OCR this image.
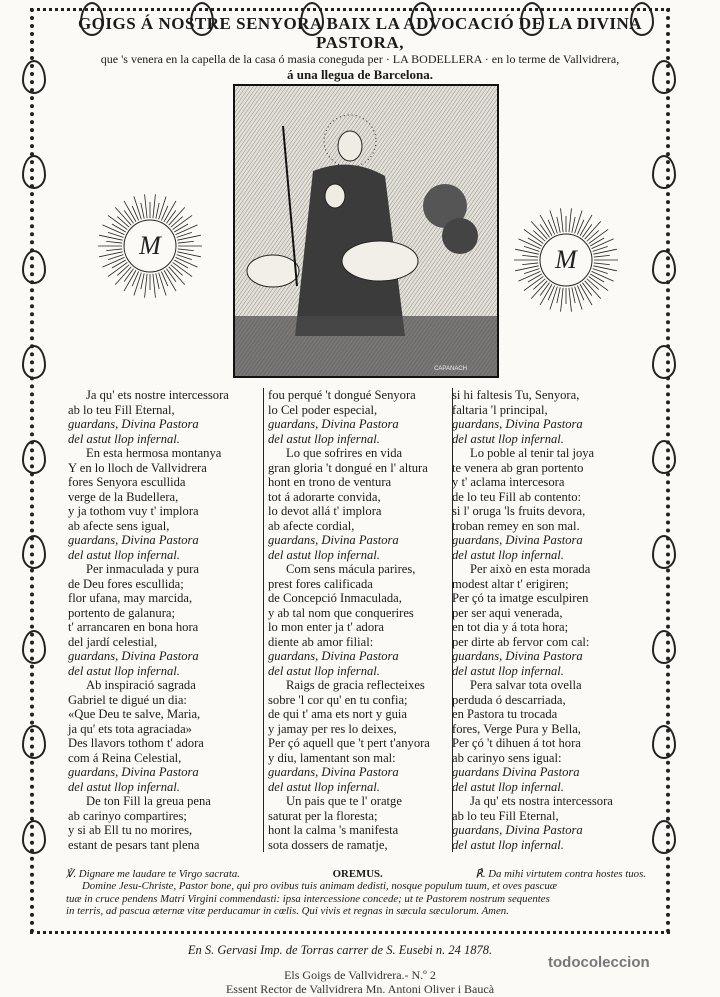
GOIGS Á NOSTRE SENYORA BAIX LA ADVOCACIÓ DE LA DIVINA PASTORA,
que 's venera en la capella de la casa ó masia coneguda per · LA BODELLERA · en lo terme de Vallvidrera,
á una llegua de Barcelona.
M	M
CAPANACH
Ja qu' ets nostre intercessora
ab lo teu Fill Eternal,
guardans, Divina Pastora
del astut llop infernal.
En esta hermosa montanya
Y en lo lloch de Vallvidrera
fores Senyora escullida
verge de la Budellera,
y ja tothom vuy t' implora
ab afecte sens igual,
guardans, Divina Pastora
del astut llop infernal.
Per inmaculada y pura
de Deu fores escullida;
flor ufana, may marcida,
portento de galanura;
t' arrancaren en bona hora
del jardí celestial,
guardans, Divina Pastora
del astut llop infernal.
Ab inspiració sagrada
Gabriel te digué un dia:
«Que Deu te salve, Maria,
ja qu' ets tota agraciada»
Des llavors tothom t' adora
com á Reina Celestial,
guardans, Divina Pastora
del astut llop infernal.
De ton Fill la greua pena
ab carinyo compartires;
y si ab Ell tu no morires,
estant de pesars tant plena
fou perqué 't dongué Senyora
lo Cel poder especial,
guardans, Divina Pastora
del astut llop infernal.
Lo que sofrires en vida
gran gloria 't dongué en l' altura
hont en trono de ventura
tot á adorarte convida,
lo devot allá t' implora
ab afecte cordial,
guardans, Divina Pastora
del astut llop infernal.
Com sens mácula parires,
prest fores calificada
de Concepció Inmaculada,
y ab tal nom que conquerires
lo mon enter ja t' adora
diente ab amor filial:
guardans, Divina Pastora
del astut llop infernal.
Raigs de gracia reflecteixes
sobre 'l cor qu' en tu confia;
de qui t' ama ets nort y guia
y jamay per res lo deixes,
Per çó aquell que 't pert t'anyora
y diu, lamentant son mal:
guardans, Divina Pastora
del astut llop infernal.
Un pais que te l' oratge
saturat per la floresta;
hont la calma 's manifesta
sota dossers de ramatje,
si hi faltesis Tu, Senyora,
faltaria 'l principal,
guardans, Divina Pastora
del astut llop infernal.
Lo poble al tenir tal joya
te venera ab gran portento
y t' aclama intercesora
de lo teu Fill ab contento:
si l' oruga 'ls fruits devora,
troban remey en son mal.
guardans, Divina Pastora
del astut llop infernal.
Per això en esta morada
modest altar t' erigiren;
Per çó ta imatge esculpiren
per ser aqui venerada,
en tot dia y á tota hora;
per dirte ab fervor com cal:
guardans, Divina Pastora
del astut llop infernal.
Pera salvar tota ovella
perduda ó descarriada,
en Pastora tu trocada
fores, Verge Pura y Bella,
Per çó 't dihuen á tot hora
ab carinyo sens igual:
guardans Divina Pastora
del astut llop infernal.
Ja qu' ets nostra intercessora
ab lo teu Fill Eternal,
guardans, Divina Pastora
del astut llop infernal.
℣. Dignare me laudare te Virgo sacrata.	OREMUS.	℟. Da mihi virtutem contra hostes tuos.
Domine Jesu-Christe, Pastor bone, qui pro ovibus tuis animam dedisti, nosque populum tuum, et oves pascuæ
tuæ in cruce pendens Matri Virgini commendasti: ipsa intercessione concede; ut te Pastorem nostrum sequentes
in terris, ad pascua æternæ vitæ perducamur in cœlis. Qui vivis et regnas in sæcula sæculorum. Amen.
En S. Gervasi Imp. de Torras carrer de S. Eusebi n. 24 1878.
todocoleccion
Els Goigs de Vallvidrera.- N.º 2
Essent Rector de Vallvidrera Mn. Antoni Oliver i Baucà
